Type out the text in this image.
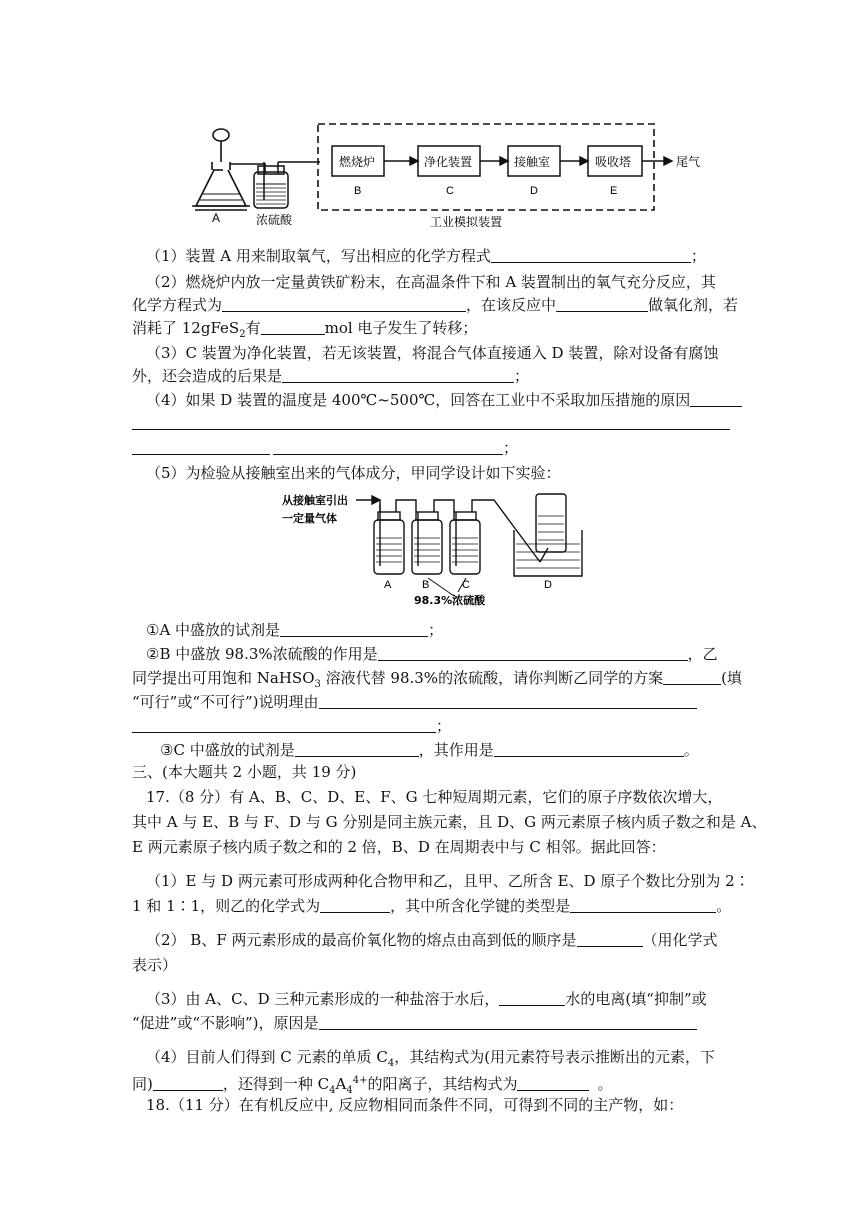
A	浓硫酸
燃烧炉
B
净化装置
C
接触室
D
吸收塔
E
尾气
工业模拟装置
（1）装置 A 用来制取氧气，写出相应的化学方程式	；
（2）燃烧炉内放一定量黄铁矿粉末，在高温条件下和 A 装置制出的氧气充分反应，其
化学方程式为	，在该反应中	做氧化剂，若
消耗了 12gFeS$_2$有	mol 电子发生了转移；
（3）C 装置为净化装置，若无该装置，将混合气体直接通入 D 装置，除对设备有腐蚀
外，还会造成的后果是	；
（4）如果 D 装置的温度是 400℃~500℃，回答在工业中不采取加压措施的原因
；
（5）为检验从接触室出来的气体成分，甲同学设计如下实验：
从接触室引出
一定量气体
A	B	C	D
98.3%浓硫酸
①A 中盛放的试剂是	；
②B 中盛放 98.3%浓硫酸的作用是	，乙
同学提出可用饱和 NaHSO$_3$ 溶液代替 98.3%的浓硫酸，请你判断乙同学的方案	(填
“可行”或“不可行”)说明理由
；
③C 中盛放的试剂是	，其作用是	。
三、(本大题共 2 小题，共 19 分)
17.（8 分）有 A、B、C、D、E、F、G 七种短周期元素，它们的原子序数依次增大，
其中 A 与 E、B 与 F、D 与 G 分别是同主族元素，且 D、G 两元素原子核内质子数之和是 A、
E 两元素原子核内质子数之和的 2 倍，B、D 在周期表中与 C 相邻。据此回答：
（1）E 与 D 两元素可形成两种化合物甲和乙，且甲、乙所含 E、D 原子个数比分别为 2∶
1 和 1∶1，则乙的化学式为	，其中所含化学键的类型是	。
（2） B、F 两元素形成的最高价氧化物的熔点由高到低的顺序是	（用化学式
表示）
（3）由 A、C、D 三种元素形成的一种盐溶于水后，	水的电离(填“抑制”或
“促进”或“不影响”)，原因是
（4）目前人们得到 C 元素的单质 $C_4$，其结构式为(用元素符号表示推断出的元素，下
同)	，还得到一种 $C_4A_4^{4+}$的阳离子，其结构式为	。
18.（11 分）在有机反应中, 反应物相同而条件不同，可得到不同的主产物，如：
